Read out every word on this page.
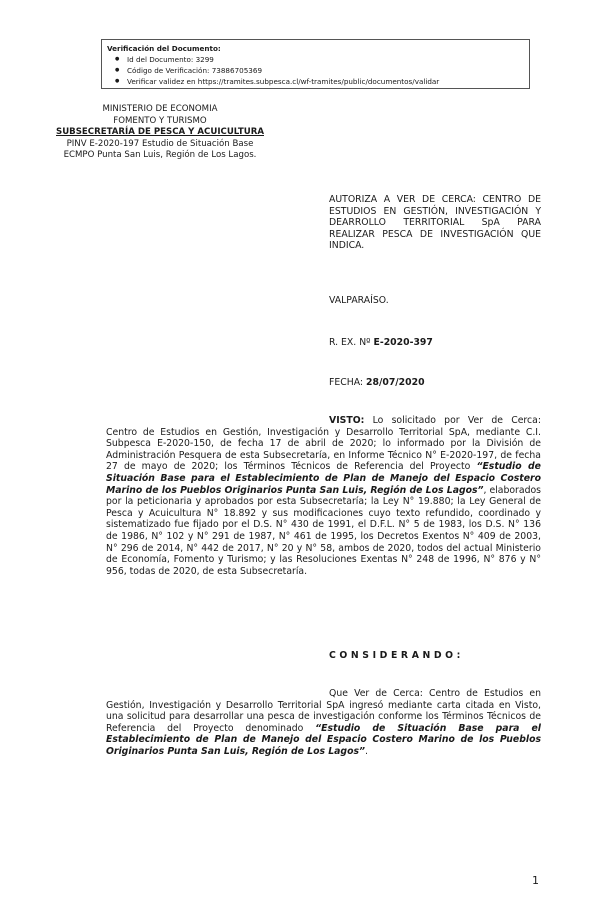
Verificación del Documento:
● Id del Documento: 3299
● Código de Verificación: 73886705369
● Verificar validez en https://tramites.subpesca.cl/wf-tramites/public/documentos/validar
MINISTERIO DE ECONOMIA
FOMENTO Y TURISMO
SUBSECRETARÍA DE PESCA Y ACUICULTURA
PINV E-2020-197 Estudio de Situación Base
ECMPO Punta San Luis, Región de Los Lagos.
AUTORIZA A VER DE CERCA: CENTRO DE ESTUDIOS EN GESTIÓN, INVESTIGACIÓN Y DEARROLLO TERRITORIAL SpA PARA REALIZAR PESCA DE INVESTIGACIÓN QUE INDICA.
VALPARAÍSO.
R. EX. Nº E-2020-397
FECHA: 28/07/2020
VISTO: Lo solicitado por Ver de Cerca: Centro de Estudios en Gestión, Investigación y Desarrollo Territorial SpA, mediante C.I. Subpesca E-2020-150, de fecha 17 de abril de 2020; lo informado por la División de Administración Pesquera de esta Subsecretaría, en Informe Técnico N° E-2020-197, de fecha 27 de mayo de 2020; los Términos Técnicos de Referencia del Proyecto “Estudio de Situación Base para el Establecimiento de Plan de Manejo del Espacio Costero Marino de los Pueblos Originarios Punta San Luis, Región de Los Lagos”, elaborados por la peticionaria y aprobados por esta Subsecretaría; la Ley N° 19.880; la Ley General de Pesca y Acuicultura N° 18.892 y sus modificaciones cuyo texto refundido, coordinado y sistematizado fue fijado por el D.S. N° 430 de 1991, el D.F.L. N° 5 de 1983, los D.S. N° 136 de 1986, N° 102 y N° 291 de 1987, N° 461 de 1995, los Decretos Exentos N° 409 de 2003, N° 296 de 2014, N° 442 de 2017, N° 20 y N° 58, ambos de 2020, todos del actual Ministerio de Economía, Fomento y Turismo; y las Resoluciones Exentas N° 248 de 1996, N° 876 y N° 956, todas de 2020, de esta Subsecretaría.
CONSIDERANDO:
Que Ver de Cerca: Centro de Estudios en Gestión, Investigación y Desarrollo Territorial SpA ingresó mediante carta citada en Visto, una solicitud para desarrollar una pesca de investigación conforme los Términos Técnicos de Referencia del Proyecto denominado “Estudio de Situación Base para el Establecimiento de Plan de Manejo del Espacio Costero Marino de los Pueblos Originarios Punta San Luis, Región de Los Lagos”.
1
